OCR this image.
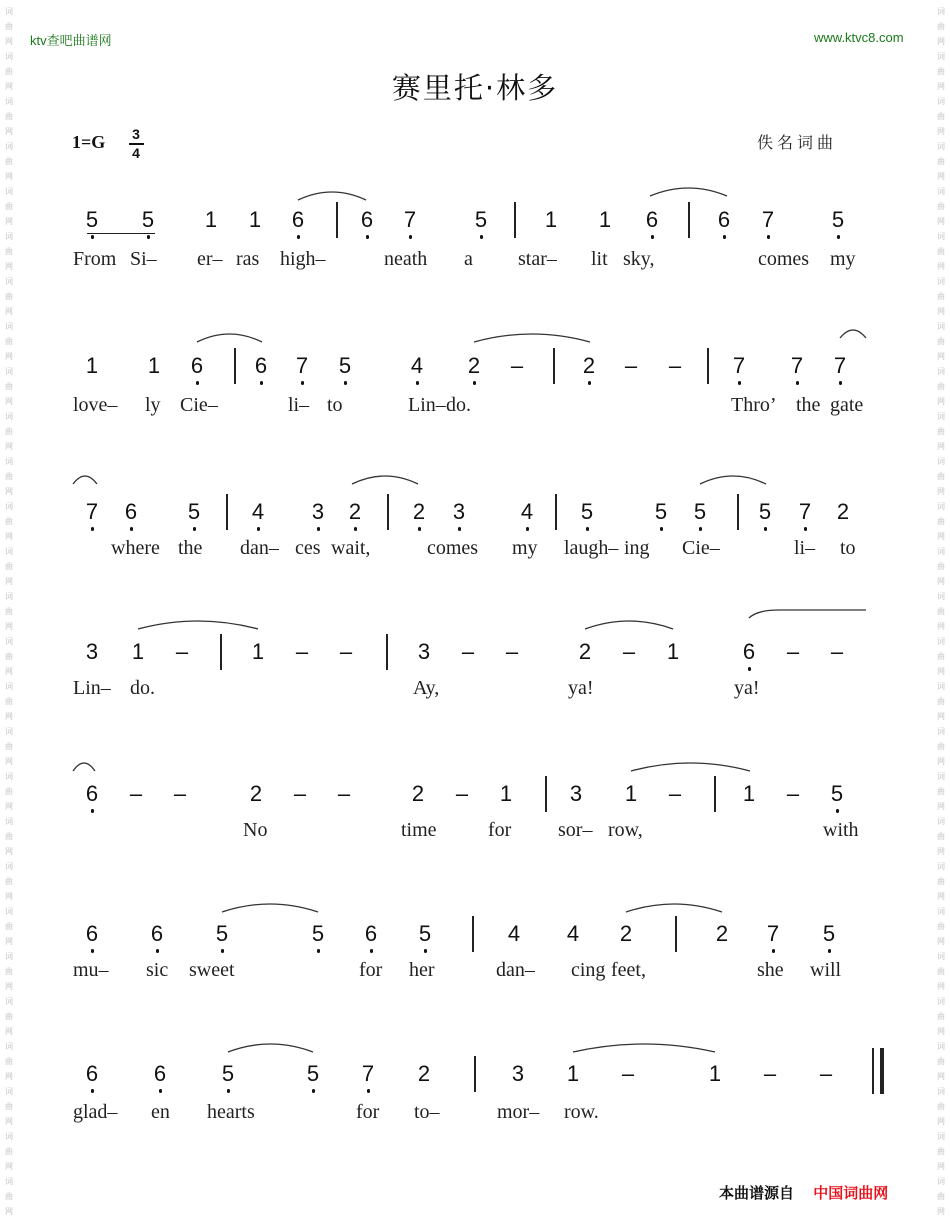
词
曲
网
词
曲
网
词
曲
网
词
曲
网
词
曲
网
词
曲
网
词
曲
网
词
曲
网
词
曲
网
词
曲
网
词
曲
网
词
曲
网
词
曲
网
词
曲
网
词
曲
网
词
曲
网
词
曲
网
词
曲
网
词
曲
网
词
曲
网
词
曲
网
词
曲
网
词
曲
网
词
曲
网
词
曲
网
词
曲
网
词
曲
网
词
曲
网
词
曲
网
词
曲
网
词
曲
网
词
曲
网
词
曲
网
词
曲
网
词
曲
网
词
曲
网
词
曲
网
词
曲
网
词
曲
网
词
曲
网
词
曲
网
词
曲
网
词
曲
网
词
曲
网
词
曲
网
词
曲
网
词
曲
网
词
曲
网
词
曲
网
词
曲
网
词
曲
网
词
曲
网
词
曲
网
词
曲
网
ktv查吧曲谱网	www.ktvc8.com
赛里托·林多
1=G 3
4
佚名词曲
5 5 1 1 6	6 7	5	1 1 6	6 7	5
From Si– er– ras high–	neath a star– lit sky,	comes my
1 1 6 6 7 5	4 2 –	2 – – 7 7 7
love– ly Cie–	li– to	Lin– do.	Thro’ the gate
7 6 5 4 3 2 2 3	4 5	5 5 5 7 2
where the dan– ces wait,	comes my laugh– ing Cie–	li– to
3 1 –	1 – –	3 – –	2 – 1	6 – –
Lin– do.	Ay,	ya!	ya!
6 – –	2 – –	2 – 1	3 1 –	1 – 5
No	time	for sor– row,	with
6 6 5	5 6 5	4 4 2	2 7 5
mu– sic sweet	for her	dan– cing feet,	she will
6	6	5	5 7 2	3 1 –	1 – –
glad– en hearts	for to–	mor– row.
本曲谱源自 中国词曲网
